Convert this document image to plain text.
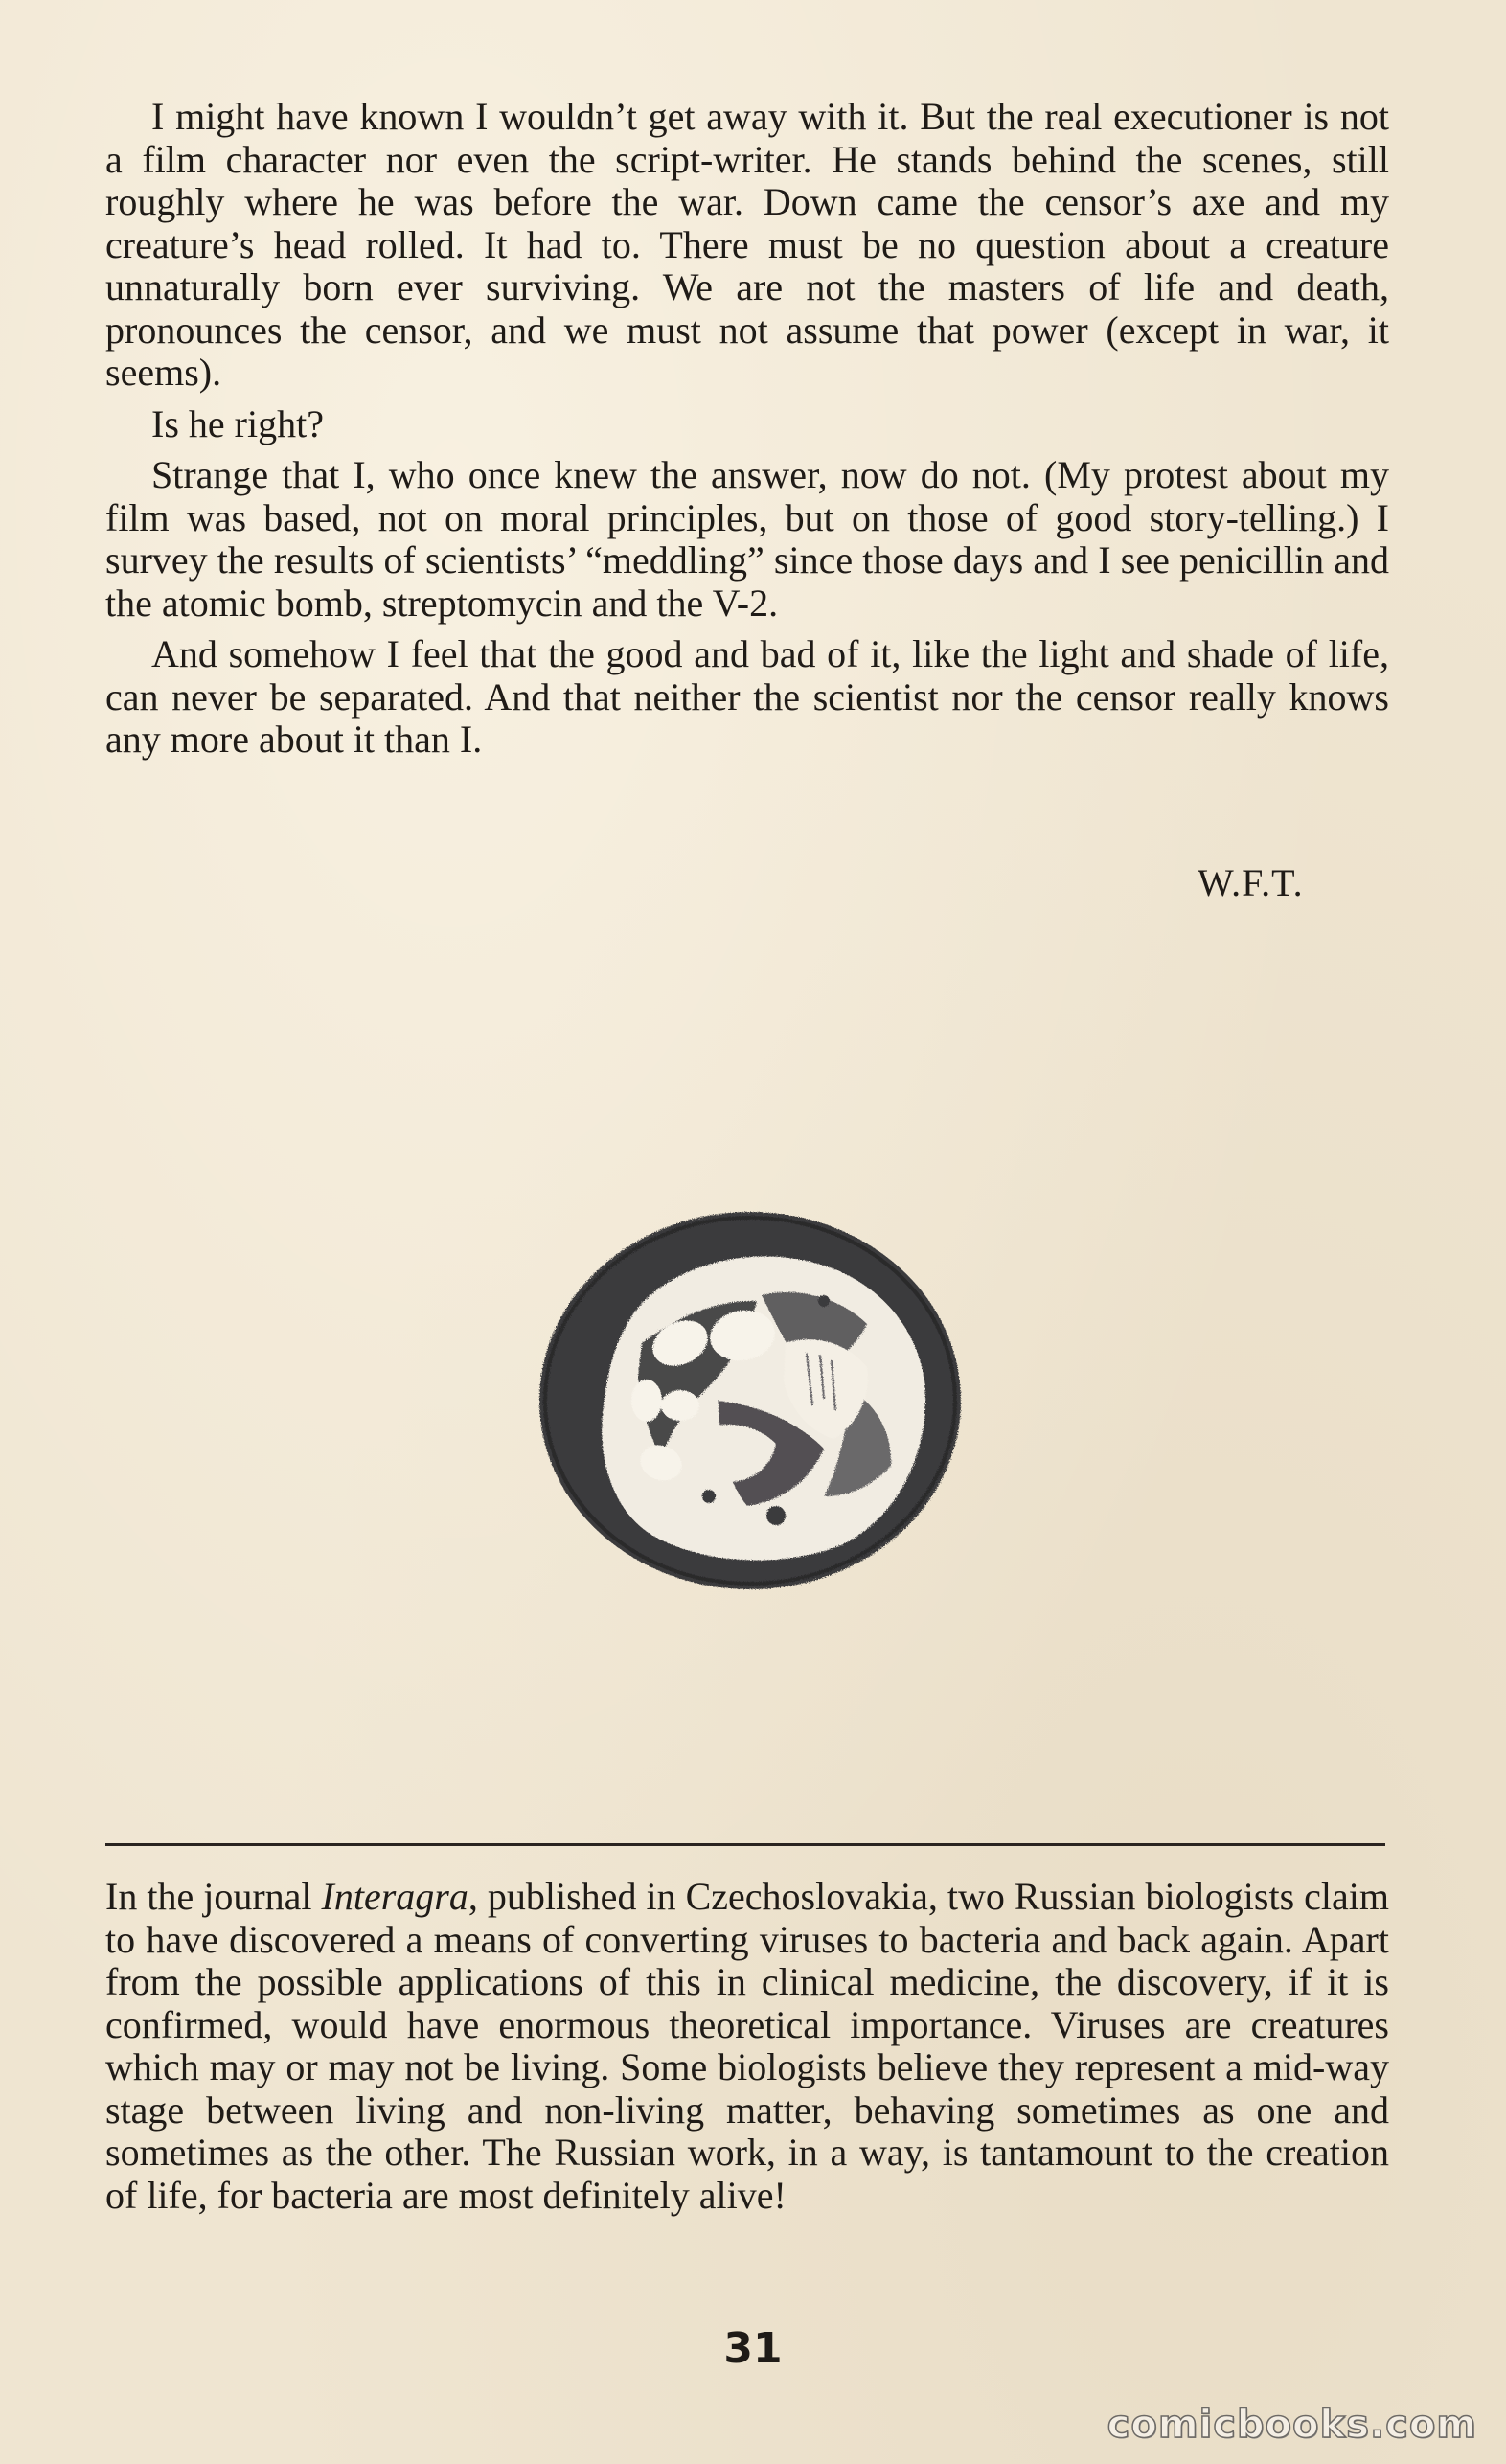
I might have known I wouldn’t get away with it. But the real executioner is not a film character nor even the script-writer. He stands behind the scenes, still roughly where he was before the war. Down came the censor’s axe and my creature’s head rolled. It had to. There must be no question about a creature unnaturally born ever surviving. We are not the masters of life and death, pronounces the censor, and we must not assume that power (except in war, it seems).

Is he right?

Strange that I, who once knew the answer, now do not. (My protest about my film was based, not on moral principles, but on those of good story-telling.) I survey the results of scientists’ “meddling” since those days and I see penicillin and the atomic bomb, streptomycin and the V-2.

And somehow I feel that the good and bad of it, like the light and shade of life, can never be separated. And that neither the scientist nor the censor really knows any more about it than I.

W.F.T.

In the journal Interagra, published in Czechoslovakia, two Russian biologists claim to have discovered a means of converting viruses to bacteria and back again. Apart from the possible applications of this in clinical medicine, the discovery, if it is confirmed, would have enormous theoretical importance. Viruses are creatures which may or may not be living. Some biologists believe they represent a mid-way stage between living and non-living matter, behaving sometimes as one and sometimes as the other. The Russian work, in a way, is tantamount to the creation of life, for bacteria are most definitely alive!

31
comicbooks.com
